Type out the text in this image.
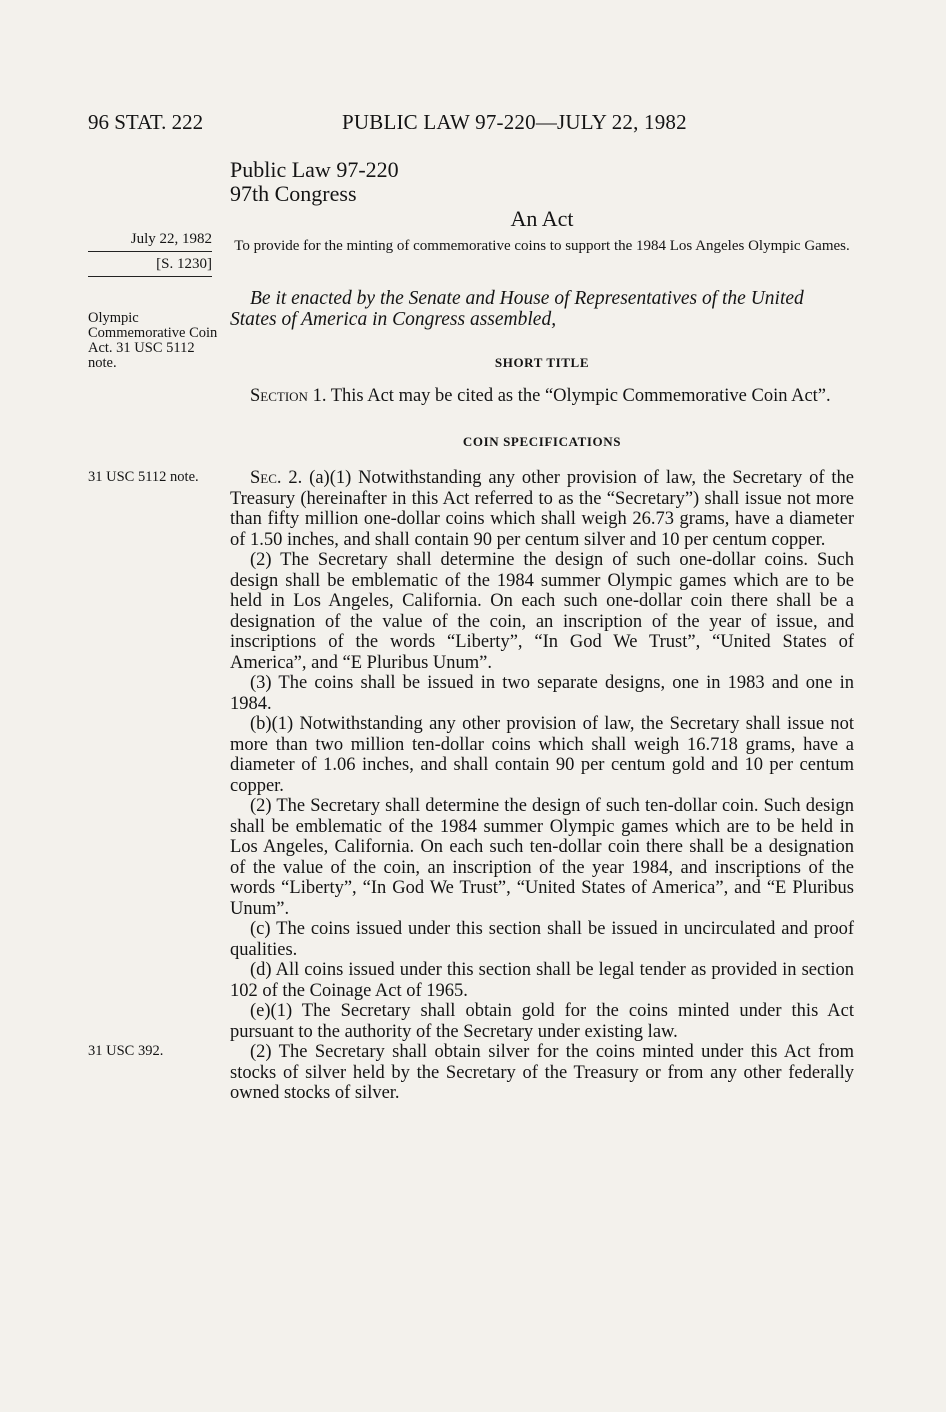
96 STAT. 222	PUBLIC LAW 97-220—JULY 22, 1982
Public Law 97-220
97th Congress
An Act
July 22, 1982
[S. 1230]
To provide for the minting of commemorative coins to support the 1984 Los Angeles Olympic Games.
Be it enacted by the Senate and House of Representatives of the United States of America in Congress assembled,
Olympic Commemorative Coin Act. 31 USC 5112 note.
31 USC 5112 note.
31 USC 392.
SHORT TITLE

Section 1. This Act may be cited as the “Olympic Commemorative Coin Act”.

COIN SPECIFICATIONS

Sec. 2. (a)(1) Notwithstanding any other provision of law, the Secretary of the Treasury (hereinafter in this Act referred to as the “Secretary”) shall issue not more than fifty million one-dollar coins which shall weigh 26.73 grams, have a diameter of 1.50 inches, and shall contain 90 per centum silver and 10 per centum copper.

(2) The Secretary shall determine the design of such one-dollar coins. Such design shall be emblematic of the 1984 summer Olympic games which are to be held in Los Angeles, California. On each such one-dollar coin there shall be a designation of the value of the coin, an inscription of the year of issue, and inscriptions of the words “Liberty”, “In God We Trust”, “United States of America”, and “E Pluribus Unum”.

(3) The coins shall be issued in two separate designs, one in 1983 and one in 1984.

(b)(1) Notwithstanding any other provision of law, the Secretary shall issue not more than two million ten-dollar coins which shall weigh 16.718 grams, have a diameter of 1.06 inches, and shall contain 90 per centum gold and 10 per centum copper.

(2) The Secretary shall determine the design of such ten-dollar coin. Such design shall be emblematic of the 1984 summer Olympic games which are to be held in Los Angeles, California. On each such ten-dollar coin there shall be a designation of the value of the coin, an inscription of the year 1984, and inscriptions of the words “Liberty”, “In God We Trust”, “United States of America”, and “E Pluribus Unum”.

(c) The coins issued under this section shall be issued in uncirculated and proof qualities.

(d) All coins issued under this section shall be legal tender as provided in section 102 of the Coinage Act of 1965.

(e)(1) The Secretary shall obtain gold for the coins minted under this Act pursuant to the authority of the Secretary under existing law.

(2) The Secretary shall obtain silver for the coins minted under this Act from stocks of silver held by the Secretary of the Treasury or from any other federally owned stocks of silver.
